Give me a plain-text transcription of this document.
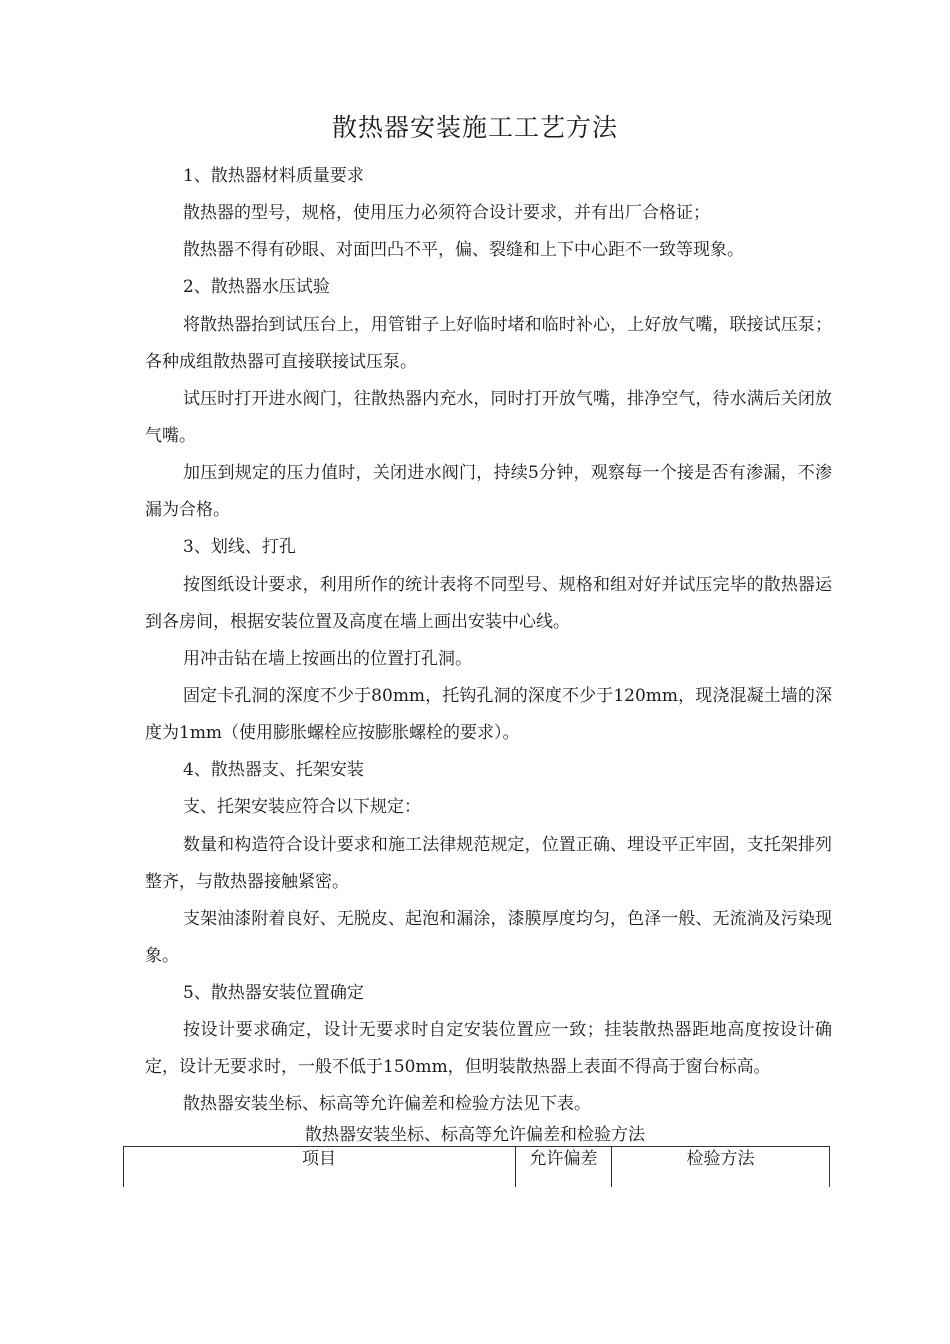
散热器安装施工工艺方法
1、散热器材料质量要求
散热器的型号，规格，使用压力必须符合设计要求，并有出厂合格证；
散热器不得有砂眼、对面凹凸不平，偏、裂缝和上下中心距不一致等现象。
2、散热器水压试验
将散热器抬到试压台上，用管钳子上好临时堵和临时补心，上好放气嘴，联接试压泵；各种成组散热器可直接联接试压泵。
试压时打开进水阀门，往散热器内充水，同时打开放气嘴，排净空气，待水满后关闭放气嘴。
加压到规定的压力值时，关闭进水阀门，持续5分钟，观察每一个接是否有渗漏，不渗漏为合格。
3、划线、打孔
按图纸设计要求，利用所作的统计表将不同型号、规格和组对好并试压完毕的散热器运到各房间，根据安装位置及高度在墙上画出安装中心线。
用冲击钻在墙上按画出的位置打孔洞。
固定卡孔洞的深度不少于80mm，托钩孔洞的深度不少于120mm，现浇混凝土墙的深度为1mm（使用膨胀螺栓应按膨胀螺栓的要求）。
4、散热器支、托架安装
支、托架安装应符合以下规定：
数量和构造符合设计要求和施工法律规范规定，位置正确、埋设平正牢固，支托架排列整齐，与散热器接触紧密。
支架油漆附着良好、无脱皮、起泡和漏涂，漆膜厚度均匀，色泽一般、无流淌及污染现象。
5、散热器安装位置确定
按设计要求确定，设计无要求时自定安装位置应一致；挂装散热器距地高度按设计确定，设计无要求时，一般不低于150mm，但明装散热器上表面不得高于窗台标高。
散热器安装坐标、标高等允许偏差和检验方法见下表。
散热器安装坐标、标高等允许偏差和检验方法
项目	允许偏差	检验方法
